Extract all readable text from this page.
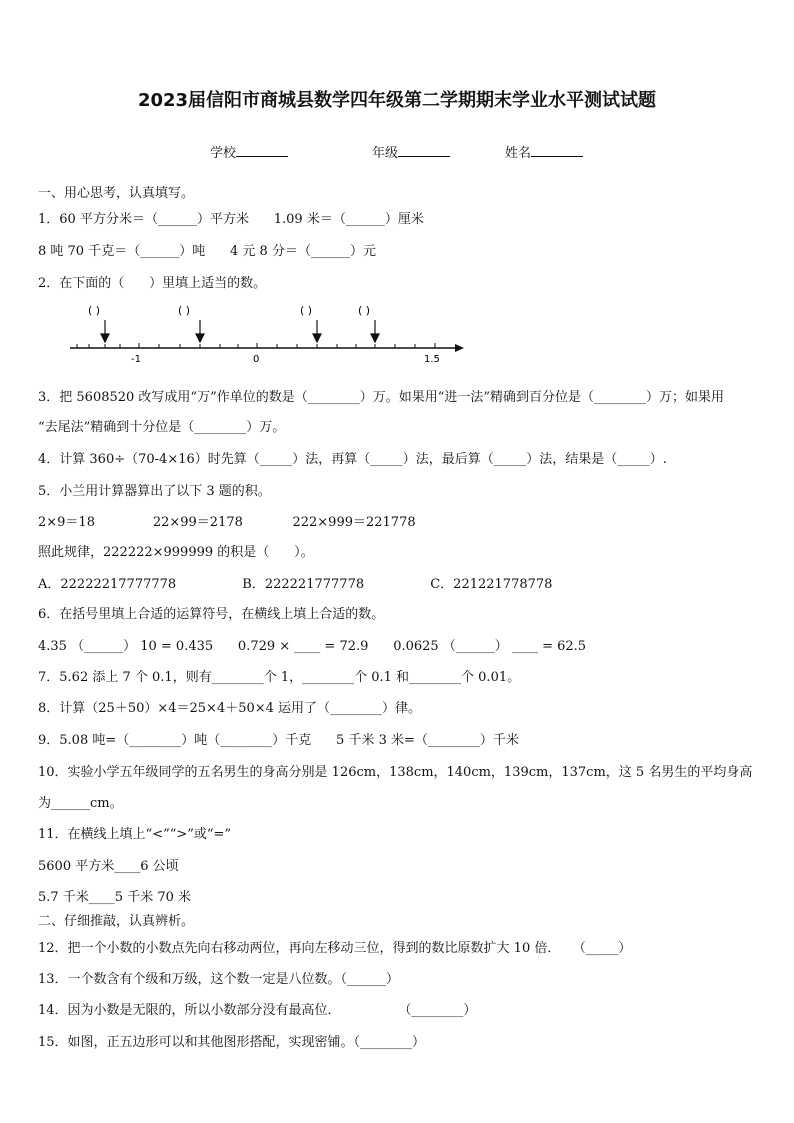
2023届信阳市商城县数学四年级第二学期期末学业水平测试试题
学校	年级	姓名
一、用心思考，认真填写。
1．60 平方分米＝（______）平方米      1.09 米＝（______）厘米
8 吨 70 千克＝（______）吨      4 元 8 分＝（______）元
2．在下面的（      ）里填上适当的数。
( )	( )	( )	( )
-1	0	1.5
3．把 5608520 改写成用“万”作单位的数是（________）万。如果用“进一法”精确到百分位是（________）万；如果用
“去尾法”精确到十分位是（________）万。
4．计算 360÷（70-4×16）时先算（_____）法，再算（_____）法，最后算（_____）法，结果是（_____）.
5．小兰用计算器算出了以下 3 题的积。
2×9＝18              22×99＝2178            222×999＝221778
照此规律，222222×999999 的积是（      ）。
A．22222217777778                B．222221777778                C．221221778778
6．在括号里填上合适的运算符号，在横线上填上合适的数。
4.35 （______） 10 = 0.435      0.729 × ____ = 72.9      0.0625 （______） ____ = 62.5
7．5.62 添上 7 个 0.1，则有________个 1，________个 0.1 和________个 0.01。
8．计算（25＋50）×4＝25×4＋50×4 运用了（________）律。
9．5.08 吨=（________）吨（________）千克      5 千米 3 米=（________）千米
10．实验小学五年级同学的五名男生的身高分别是 126cm，138cm，140cm，139cm，137cm，这 5 名男生的平均身高
为______cm。
11．在横线上填上“<”“>”或“=”
5600 平方米____6 公顷
5.7 千米____5 千米 70 米
二、仔细推敲，认真辨析。
12．把一个小数的小数点先向右移动两位，再向左移动三位，得到的数比原数扩大 10 倍．   （_____）
13．一个数含有个级和万级，这个数一定是八位数。（______）
14．因为小数是无限的，所以小数部分没有最高位．              （________）
15．如图，正五边形可以和其他图形搭配，实现密铺。（________）
